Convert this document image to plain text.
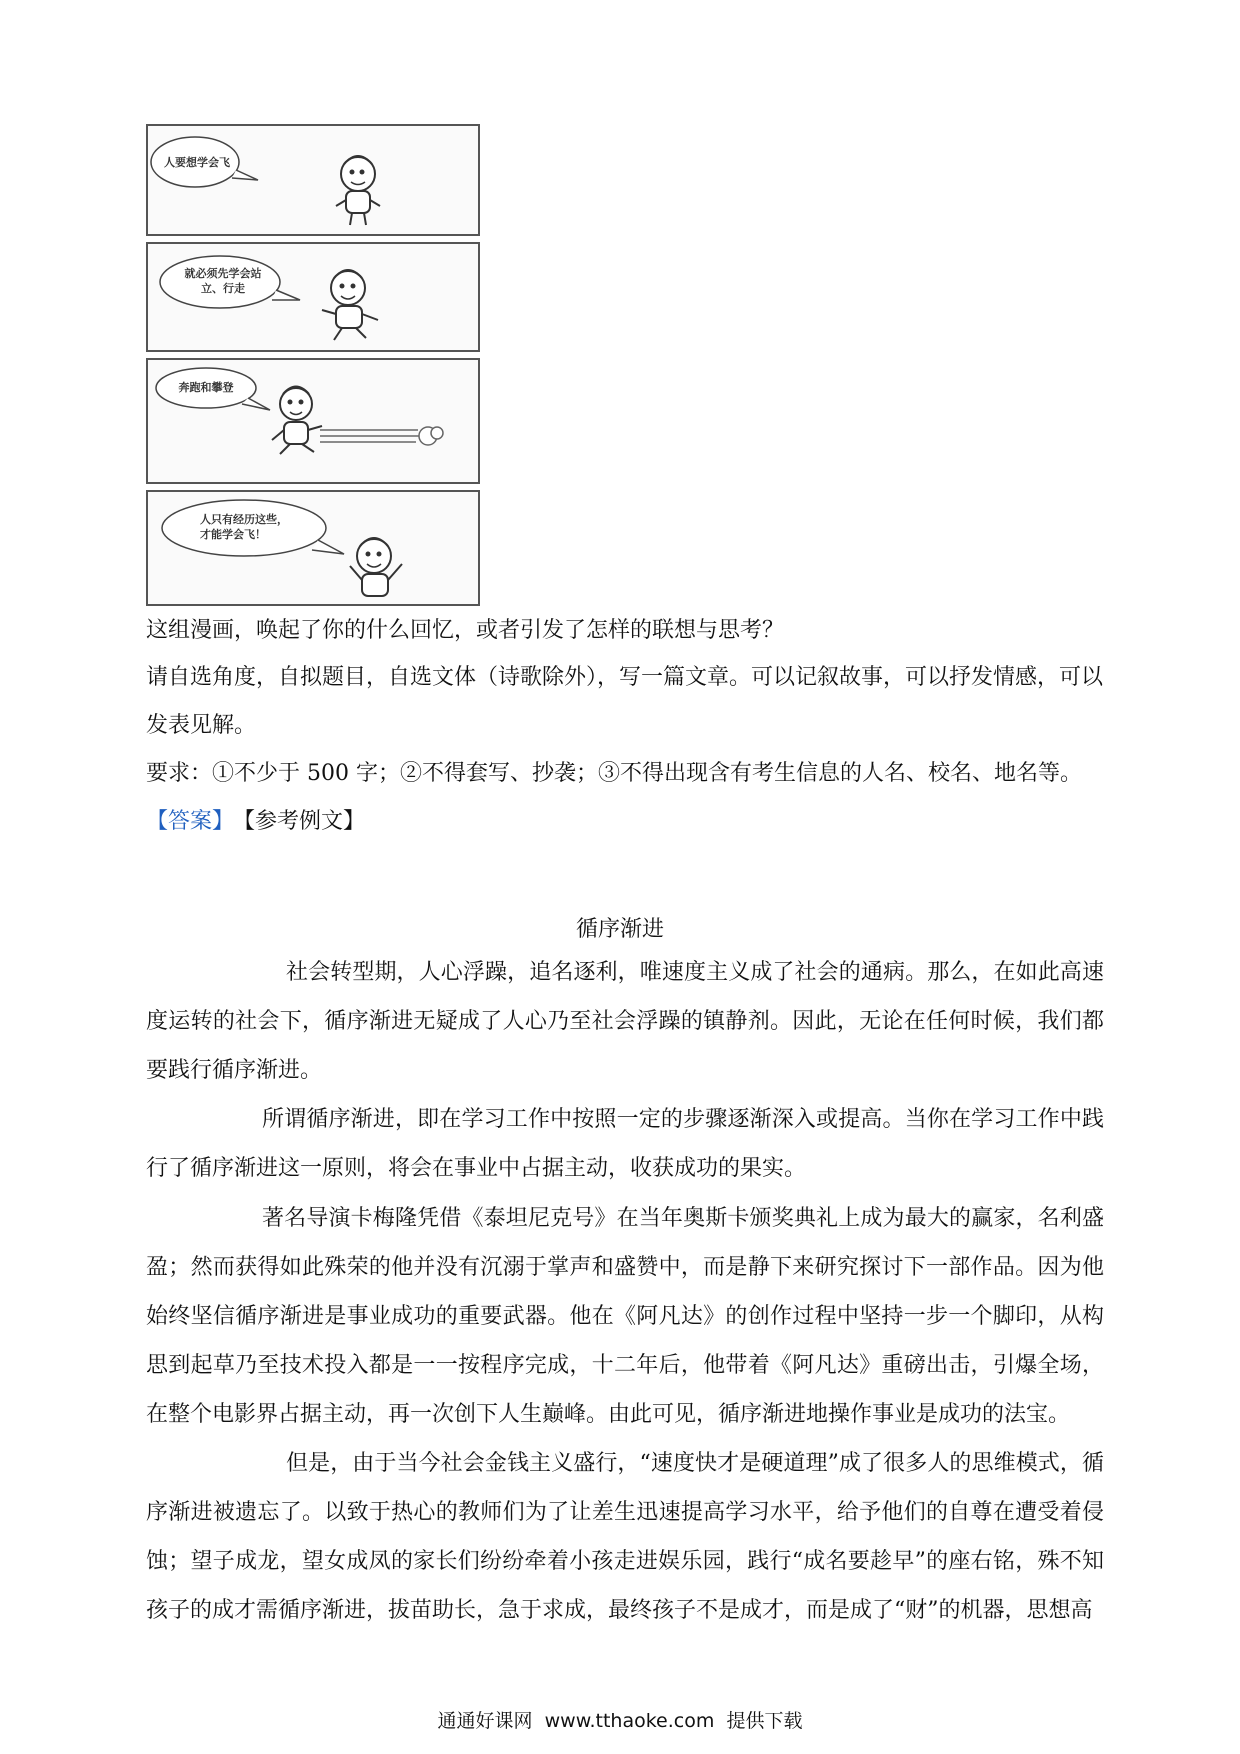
人要想学会飞
就必须先学会站立、行走
奔跑和攀登
人只有经历这些，才能学会飞！
这组漫画，唤起了你的什么回忆，或者引发了怎样的联想与思考？
请自选角度，自拟题目，自选文体（诗歌除外），写一篇文章。可以记叙故事，可以抒发情感，可以
发表见解。
要求：①不少于 500 字；②不得套写、抄袭；③不得出现含有考生信息的人名、校名、地名等。
【答案】 【参考例文】
循序渐进
社会转型期，人心浮躁，追名逐利，唯速度主义成了社会的通病。那么，在如此高速度运转的社会下，循序渐进无疑成了人心乃至社会浮躁的镇静剂。因此，无论在任何时候，我们都要践行循序渐进。
所谓循序渐进，即在学习工作中按照一定的步骤逐渐深入或提高。当你在学习工作中践行了循序渐进这一原则，将会在事业中占据主动，收获成功的果实。
著名导演卡梅隆凭借《泰坦尼克号》在当年奥斯卡颁奖典礼上成为最大的赢家，名利盛盈；然而获得如此殊荣的他并没有沉溺于掌声和盛赞中，而是静下来研究探讨下一部作品。因为他始终坚信循序渐进是事业成功的重要武器。他在《阿凡达》的创作过程中坚持一步一个脚印，从构思到起草乃至技术投入都是一一按程序完成，十二年后，他带着《阿凡达》重磅出击，引爆全场，在整个电影界占据主动，再一次创下人生巅峰。由此可见，循序渐进地操作事业是成功的法宝。
但是，由于当今社会金钱主义盛行，“速度快才是硬道理”成了很多人的思维模式，循序渐进被遗忘了。以致于热心的教师们为了让差生迅速提高学习水平，给予他们的自尊在遭受着侵蚀；望子成龙，望女成凤的家长们纷纷牵着小孩走进娱乐园，践行“成名要趁早”的座右铭，殊不知孩子的成才需循序渐进，拔苗助长，急于求成，最终孩子不是成才，而是成了“财”的机器，思想高
通通好课网  www.tthaoke.com  提供下载
